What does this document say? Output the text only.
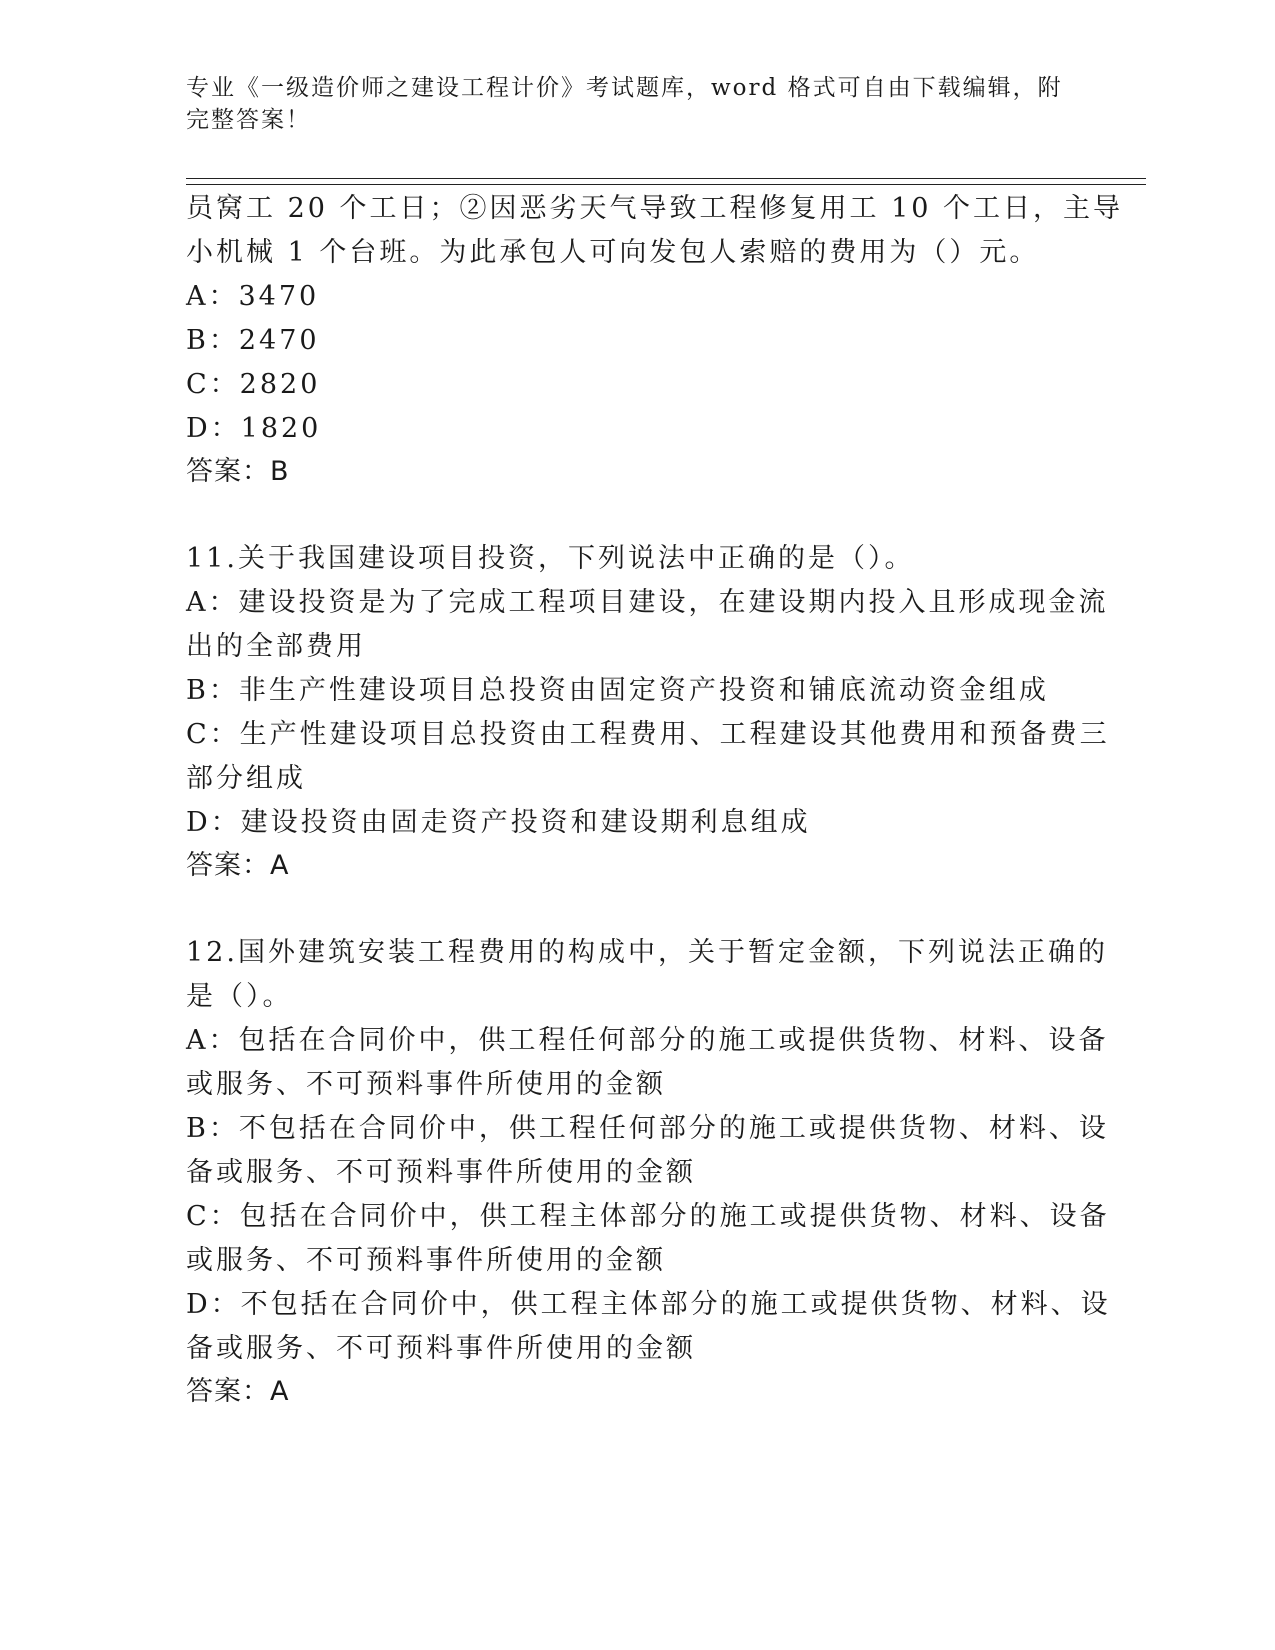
专业《一级造价师之建设工程计价》考试题库，word 格式可自由下载编辑，附完整答案！
员窝工 20 个工日；②因恶劣天气导致工程修复用工 10 个工日，主导
小机械 1 个台班。为此承包人可向发包人索赔的费用为（）元。
A：3470
B：2470
C：2820
D：1820
答案：B
11.关于我国建设项目投资，下列说法中正确的是（）。
A：建设投资是为了完成工程项目建设，在建设期内投入且形成现金流
出的全部费用
B：非生产性建设项目总投资由固定资产投资和铺底流动资金组成
C：生产性建设项目总投资由工程费用、工程建设其他费用和预备费三
部分组成
D：建设投资由固走资产投资和建设期利息组成
答案：A
12.国外建筑安装工程费用的构成中，关于暂定金额，下列说法正确的
是（）。
A：包括在合同价中，供工程任何部分的施工或提供货物、材料、设备
或服务、不可预料事件所使用的金额
B：不包括在合同价中，供工程任何部分的施工或提供货物、材料、设
备或服务、不可预料事件所使用的金额
C：包括在合同价中，供工程主体部分的施工或提供货物、材料、设备
或服务、不可预料事件所使用的金额
D：不包括在合同价中，供工程主体部分的施工或提供货物、材料、设
备或服务、不可预料事件所使用的金额
答案：A
